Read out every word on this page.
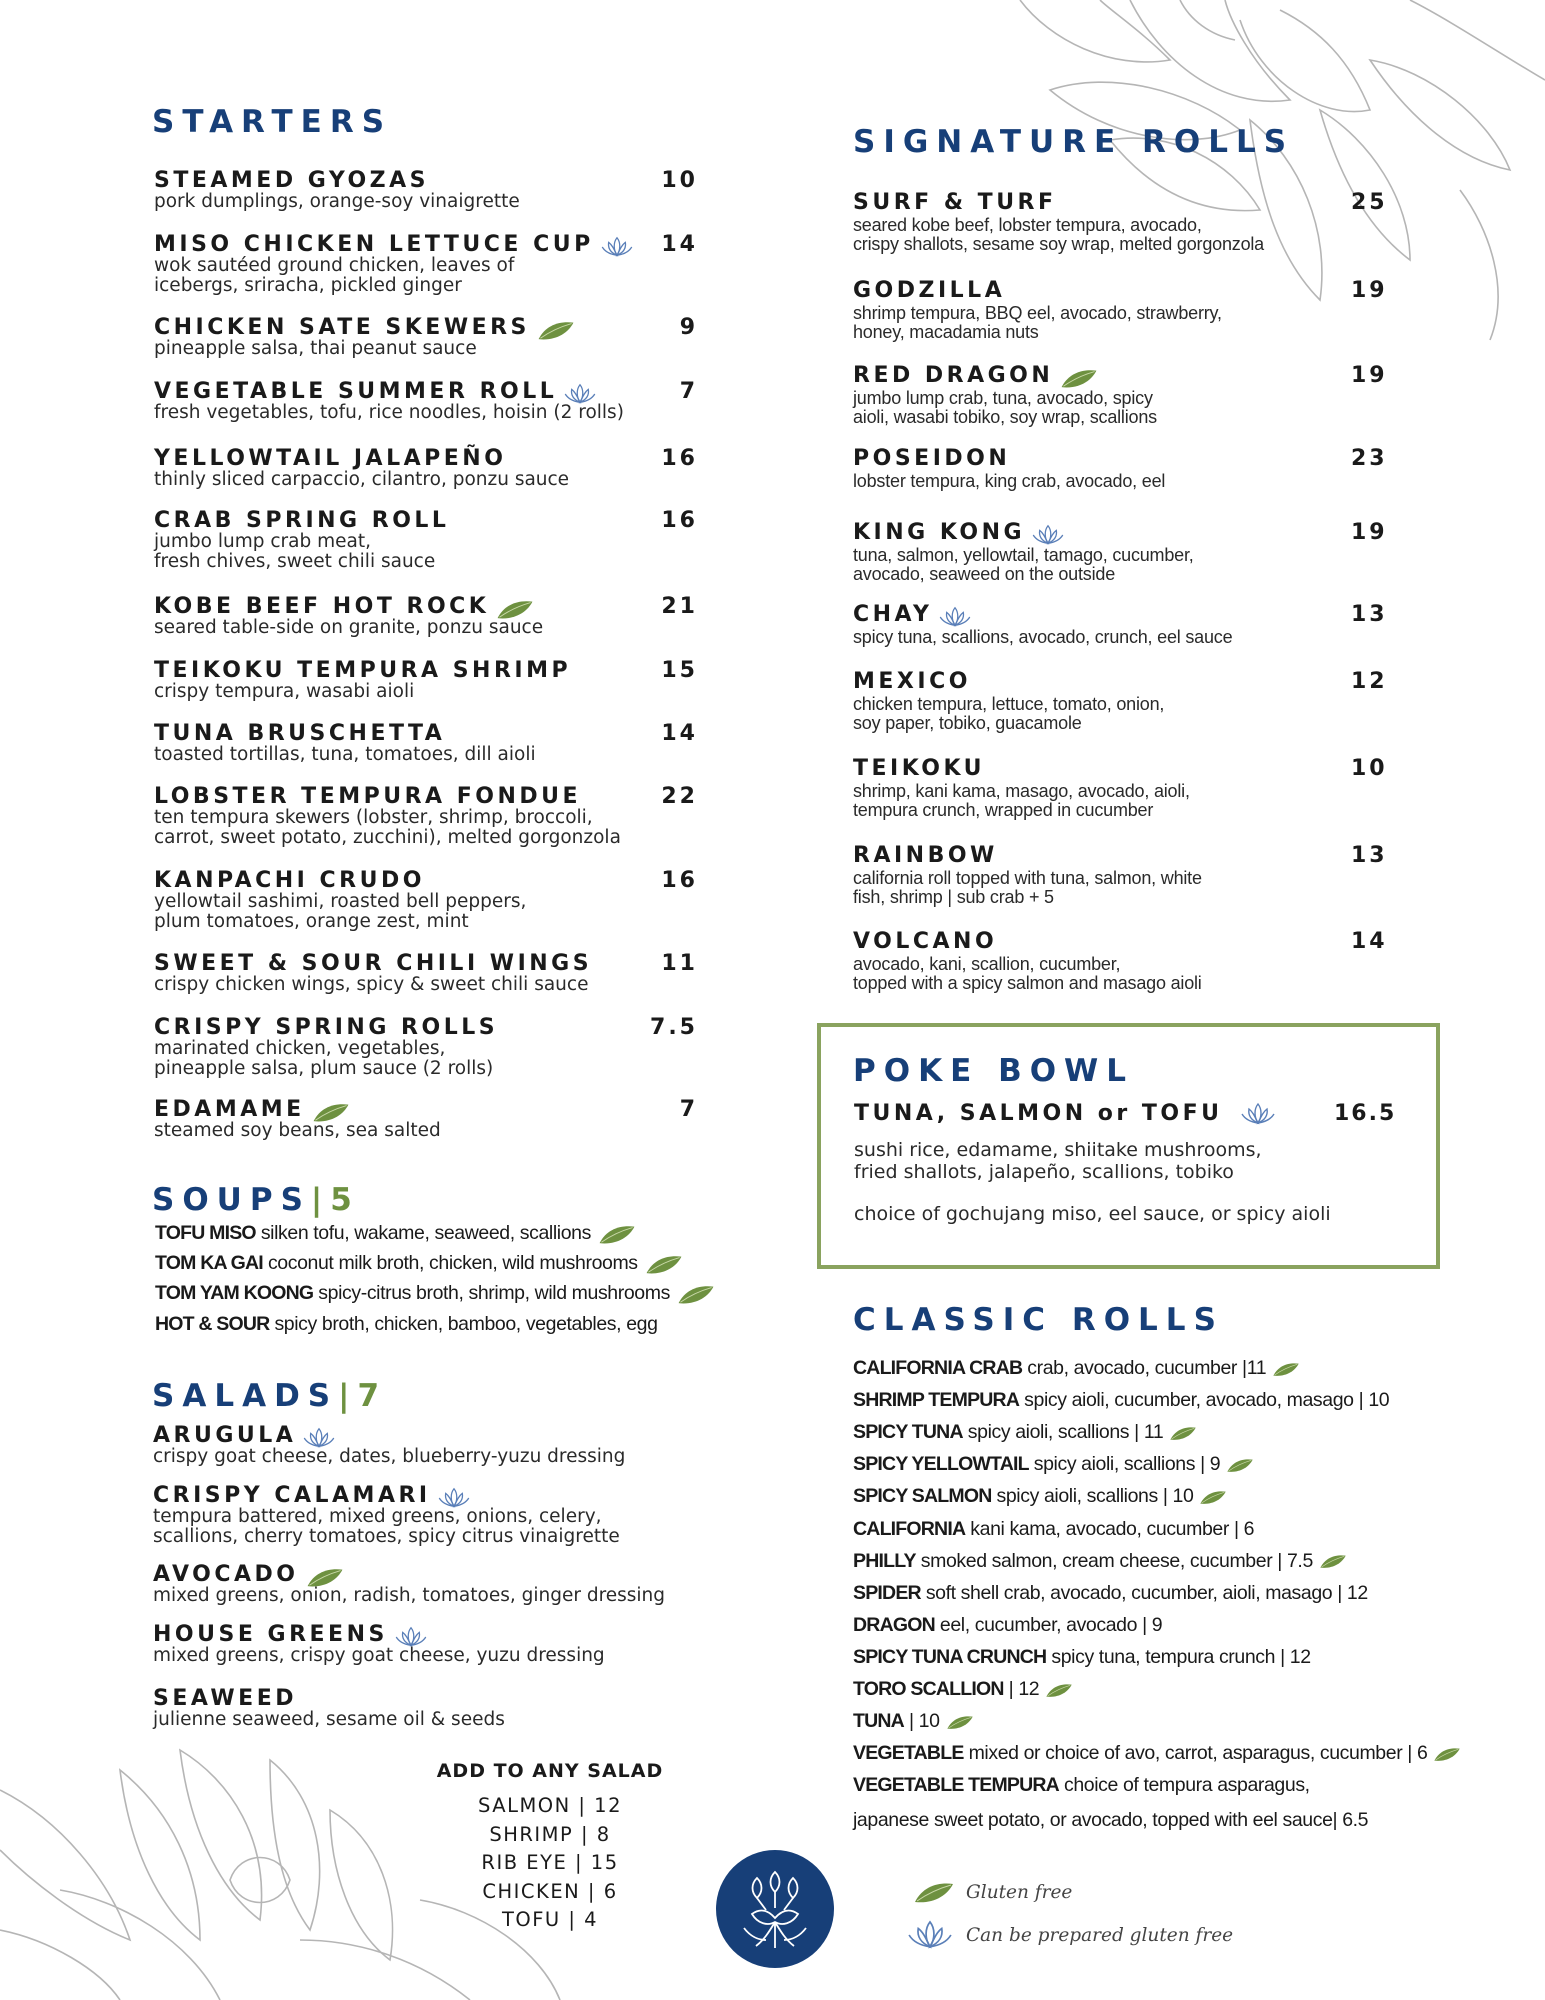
STARTERS
STEAMED GYOZAS	10
pork dumplings, orange-soy vinaigrette
MISO CHICKEN LETTUCE CUP	14
wok sautéed ground chicken, leaves of
icebergs, sriracha, pickled ginger
CHICKEN SATE SKEWERS	9
pineapple salsa, thai peanut sauce
VEGETABLE SUMMER ROLL	7
fresh vegetables, tofu, rice noodles, hoisin (2 rolls)
YELLOWTAIL JALAPEÑO	16
thinly sliced carpaccio, cilantro, ponzu sauce
CRAB SPRING ROLL	16
jumbo lump crab meat,
fresh chives, sweet chili sauce
KOBE BEEF HOT ROCK	21
seared table-side on granite, ponzu sauce
TEIKOKU TEMPURA SHRIMP	15
crispy tempura, wasabi aioli
TUNA BRUSCHETTA	14
toasted tortillas, tuna, tomatoes, dill aioli
LOBSTER TEMPURA FONDUE	22
ten tempura skewers (lobster, shrimp, broccoli,
carrot, sweet potato, zucchini), melted gorgonzola
KANPACHI CRUDO	16
yellowtail sashimi, roasted bell peppers,
plum tomatoes, orange zest, mint
SWEET & SOUR CHILI WINGS	11
crispy chicken wings, spicy & sweet chili sauce
CRISPY SPRING ROLLS	7.5
marinated chicken, vegetables,
pineapple salsa, plum sauce (2 rolls)
EDAMAME	7
steamed soy beans, sea salted
SOUPS|5
TOFU MISO silken tofu, wakame, seaweed, scallions
TOM KA GAI coconut milk broth, chicken, wild mushrooms
TOM YAM KOONG spicy-citrus broth, shrimp, wild mushrooms
HOT & SOUR spicy broth, chicken, bamboo, vegetables, egg
SALADS|7
ARUGULA
crispy goat cheese, dates, blueberry-yuzu dressing
CRISPY CALAMARI
tempura battered, mixed greens, onions, celery,
scallions, cherry tomatoes, spicy citrus vinaigrette
AVOCADO
mixed greens, onion, radish, tomatoes, ginger dressing
HOUSE GREENS
mixed greens, crispy goat cheese, yuzu dressing
SEAWEED
julienne seaweed, sesame oil & seeds
ADD TO ANY SALAD
SALMON | 12
SHRIMP | 8
RIB EYE | 15
CHICKEN | 6
TOFU | 4
SIGNATURE ROLLS
SURF & TURF	25
seared kobe beef, lobster tempura, avocado,
crispy shallots, sesame soy wrap, melted gorgonzola
GODZILLA	19
shrimp tempura, BBQ eel, avocado, strawberry,
honey, macadamia nuts
RED DRAGON	19
jumbo lump crab, tuna, avocado, spicy
aioli, wasabi tobiko, soy wrap, scallions
POSEIDON	23
lobster tempura, king crab, avocado, eel
KING KONG	19
tuna, salmon, yellowtail, tamago, cucumber,
avocado, seaweed on the outside
CHAY	13
spicy tuna, scallions, avocado, crunch, eel sauce
MEXICO	12
chicken tempura, lettuce, tomato, onion,
soy paper, tobiko, guacamole
TEIKOKU	10
shrimp, kani kama, masago, avocado, aioli,
tempura crunch, wrapped in cucumber
RAINBOW	13
california roll topped with tuna, salmon, white
fish, shrimp | sub crab + 5
VOLCANO	14
avocado, kani, scallion, cucumber,
topped with a spicy salmon and masago aioli
POKE BOWL
TUNA, SALMON or TOFU	16.5
sushi rice, edamame, shiitake mushrooms,
fried shallots, jalapeño, scallions, tobiko
choice of gochujang miso, eel sauce, or spicy aioli
CLASSIC ROLLS
CALIFORNIA CRAB crab, avocado, cucumber |11
SHRIMP TEMPURA spicy aioli, cucumber, avocado, masago | 10
SPICY TUNA spicy aioli, scallions | 11
SPICY YELLOWTAIL spicy aioli, scallions | 9
SPICY SALMON spicy aioli, scallions | 10
CALIFORNIA kani kama, avocado, cucumber | 6
PHILLY smoked salmon, cream cheese, cucumber | 7.5
SPIDER soft shell crab, avocado, cucumber, aioli, masago | 12
DRAGON eel, cucumber, avocado | 9
SPICY TUNA CRUNCH spicy tuna, tempura crunch | 12
TORO SCALLION | 12
TUNA | 10
VEGETABLE mixed or choice of avo, carrot, asparagus, cucumber | 6
VEGETABLE TEMPURA choice of tempura asparagus,
japanese sweet potato, or avocado, topped with eel sauce| 6.5
Gluten free
Can be prepared gluten free
